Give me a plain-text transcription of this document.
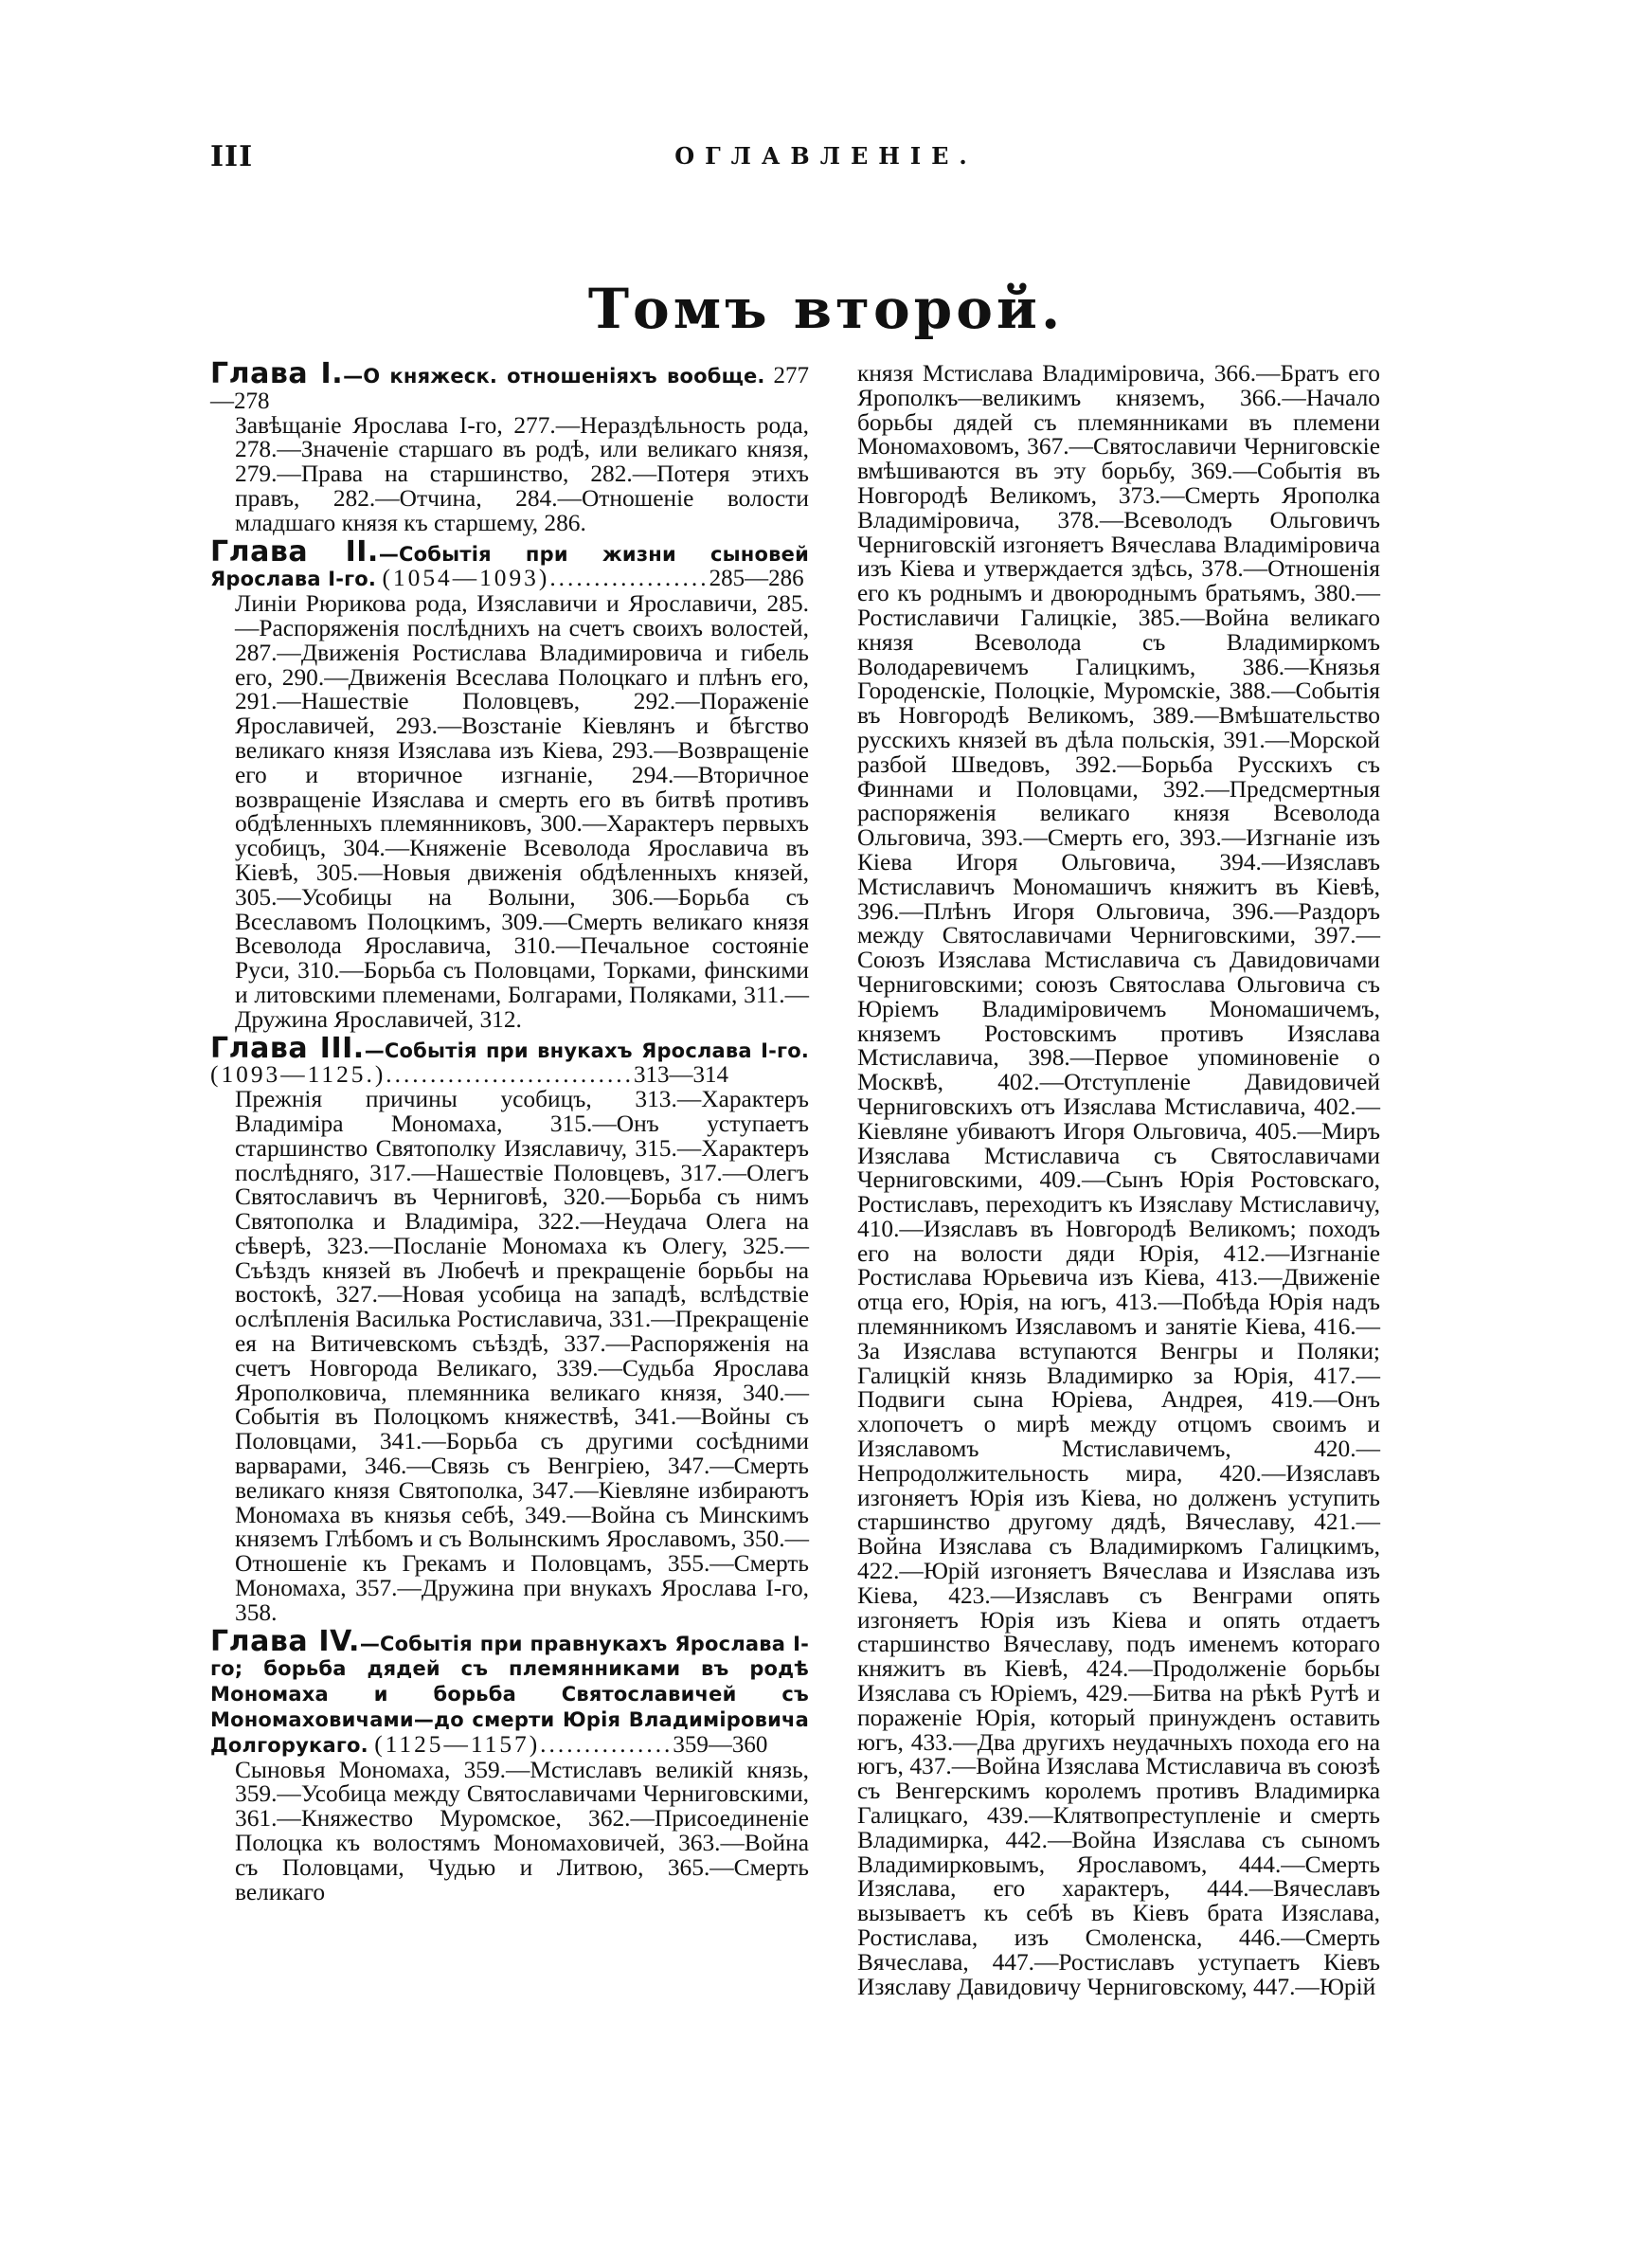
III	ОГЛАВЛЕНІЕ.
Томъ второй.

Глава I.—О княжеск. отношеніяхъ вообще. 277—278

Завѣщаніе Ярослава I-го, 277.—Нераздѣльность рода, 278.—Значеніе старшаго въ родѣ, или великаго князя, 279.—Права на старшинство, 282.—Потеря этихъ правъ, 282.—Отчина, 284.—Отношеніе волости младшаго князя къ старшему, 286.

Глава II.—Событія при жизни сыновей Ярослава I-го. (1054—1093)..................285—286

Линіи Рюрикова рода, Изяславичи и Ярославичи, 285.—Распоряженія послѣднихъ на счетъ своихъ волостей, 287.—Движенія Ростислава Владимировича и гибель его, 290.—Движенія Всеслава Полоцкаго и плѣнъ его, 291.—Нашествіе Половцевъ, 292.—Пораженіе Ярославичей, 293.—Возстаніе Кіевлянъ и бѣгство великаго князя Изяслава изъ Кіева, 293.—Возвращеніе его и вторичное изгнаніе, 294.—Вторичное возвращеніе Изяслава и смерть его въ битвѣ противъ обдѣленныхъ племянниковъ, 300.—Характеръ первыхъ усобицъ, 304.—Княженіе Всеволода Ярославича въ Кіевѣ, 305.—Новыя движенія обдѣленныхъ князей, 305.—Усобицы на Волыни, 306.—Борьба съ Всеславомъ Полоцкимъ, 309.—Смерть великаго князя Всеволода Ярославича, 310.—Печальное состояніе Руси, 310.—Борьба съ Половцами, Торками, финскими и литовскими племенами, Болгарами, Поляками, 311.—Дружина Ярославичей, 312.

Глава III.—Событія при внукахъ Ярослава I-го. (1093—1125.)............................313—314

Прежнія причины усобицъ, 313.—Характеръ Владиміра Мономаха, 315.—Онъ уступаетъ старшинство Святополку Изяславичу, 315.—Характеръ послѣдняго, 317.—Нашествіе Половцевъ, 317.—Олегъ Святославичъ въ Черниговѣ, 320.—Борьба съ нимъ Святополка и Владиміра, 322.—Неудача Олега на сѣверѣ, 323.—Посланіе Мономаха къ Олегу, 325.—Съѣздъ князей въ Любечѣ и прекращеніе борьбы на востокѣ, 327.—Новая усобица на западѣ, вслѣдствіе ослѣпленія Василька Ростиславича, 331.—Прекращеніе ея на Витичевскомъ съѣздѣ, 337.—Распоряженія на счетъ Новгорода Великаго, 339.—Судьба Ярослава Ярополковича, племянника великаго князя, 340.—Событія въ Полоцкомъ княжествѣ, 341.—Войны съ Половцами, 341.—Борьба съ другими сосѣдними варварами, 346.—Связь съ Венгріею, 347.—Смерть великаго князя Святополка, 347.—Кіевляне избираютъ Мономаха въ князья себѣ, 349.—Война съ Минскимъ княземъ Глѣбомъ и съ Волынскимъ Ярославомъ, 350.—Отношеніе къ Грекамъ и Половцамъ, 355.—Смерть Мономаха, 357.—Дружина при внукахъ Ярослава I-го, 358.

Глава IV.—Событія при правнукахъ Ярослава I-го; борьба дядей съ племянниками въ родѣ Мономаха и борьба Святославичей съ Мономаховичами—до смерти Юрія Владиміровича Долгорукаго. (1125—1157)...............359—360

Сыновья Мономаха, 359.—Мстиславъ великій князь, 359.—Усобица между Святославичами Черниговскими, 361.—Княжество Муромское, 362.—Присоединеніе Полоцка къ волостямъ Мономаховичей, 363.—Война съ Половцами, Чудью и Литвою, 365.—Смерть великаго

князя Мстислава Владиміровича, 366.—Братъ его Ярополкъ—великимъ княземъ, 366.—Начало борьбы дядей съ племянниками въ племени Мономаховомъ, 367.—Святославичи Черниговскіе вмѣшиваются въ эту борьбу, 369.—Событія въ Новгородѣ Великомъ, 373.—Смерть Ярополка Владиміровича, 378.—Всеволодъ Ольговичъ Черниговскій изгоняетъ Вячеслава Владиміровича изъ Кіева и утверждается здѣсь, 378.—Отношенія его къ роднымъ и двоюроднымъ братьямъ, 380.—Ростиславичи Галицкіе, 385.—Война великаго князя Всеволода съ Владимиркомъ Володаревичемъ Галицкимъ, 386.—Князья Городенскіе, Полоцкіе, Муромскіе, 388.—Событія въ Новгородѣ Великомъ, 389.—Вмѣшательство русскихъ князей въ дѣла польскія, 391.—Морской разбой Шведовъ, 392.—Борьба Русскихъ съ Финнами и Половцами, 392.—Предсмертныя распоряженія великаго князя Всеволода Ольговича, 393.—Смерть его, 393.—Изгнаніе изъ Кіева Игоря Ольговича, 394.—Изяславъ Мстиславичъ Мономашичъ княжитъ въ Кіевѣ, 396.—Плѣнъ Игоря Ольговича, 396.—Раздоръ между Святославичами Черниговскими, 397.—Союзъ Изяслава Мстиславича съ Давидовичами Черниговскими; союзъ Святослава Ольговича съ Юріемъ Владиміровичемъ Мономашичемъ, княземъ Ростовскимъ противъ Изяслава Мстиславича, 398.—Первое упоминовеніе о Москвѣ, 402.—Отступленіе Давидовичей Черниговскихъ отъ Изяслава Мстиславича, 402.—Кіевляне убиваютъ Игоря Ольговича, 405.—Миръ Изяслава Мстиславича съ Святославичами Черниговскими, 409.—Сынъ Юрія Ростовскаго, Ростиславъ, переходитъ къ Изяславу Мстиславичу, 410.—Изяславъ въ Новгородѣ Великомъ; походъ его на волости дяди Юрія, 412.—Изгнаніе Ростислава Юрьевича изъ Кіева, 413.—Движеніе отца его, Юрія, на югъ, 413.—Побѣда Юрія надъ племянникомъ Изяславомъ и занятіе Кіева, 416.—За Изяслава вступаются Венгры и Поляки; Галицкій князь Владимирко за Юрія, 417.—Подвиги сына Юріева, Андрея, 419.—Онъ хлопочетъ о мирѣ между отцомъ своимъ и Изяславомъ Мстиславичемъ, 420.—Непродолжительность мира, 420.—Изяславъ изгоняетъ Юрія изъ Кіева, но долженъ уступить старшинство другому дядѣ, Вячеславу, 421.—Война Изяслава съ Владимиркомъ Галицкимъ, 422.—Юрій изгоняетъ Вячеслава и Изяслава изъ Кіева, 423.—Изяславъ съ Венграми опять изгоняетъ Юрія изъ Кіева и опять отдаетъ старшинство Вячеславу, подъ именемъ котораго княжитъ въ Кіевѣ, 424.—Продолженіе борьбы Изяслава съ Юріемъ, 429.—Битва на рѣкѣ Рутѣ и пораженіе Юрія, который принужденъ оставить югъ, 433.—Два другихъ неудачныхъ похода его на югъ, 437.—Война Изяслава Мстиславича въ союзѣ съ Венгерскимъ королемъ противъ Владимирка Галицкаго, 439.—Клятвопреступленіе и смерть Владимирка, 442.—Война Изяслава съ сыномъ Владимирковымъ, Ярославомъ, 444.—Смерть Изяслава, его характеръ, 444.—Вячеславъ вызываетъ къ себѣ въ Кіевъ брата Изяслава, Ростислава, изъ Смоленска, 446.—Смерть Вячеслава, 447.—Ростиславъ уступаетъ Кіевъ Изяславу Давидовичу Черниговскому, 447.—Юрій
